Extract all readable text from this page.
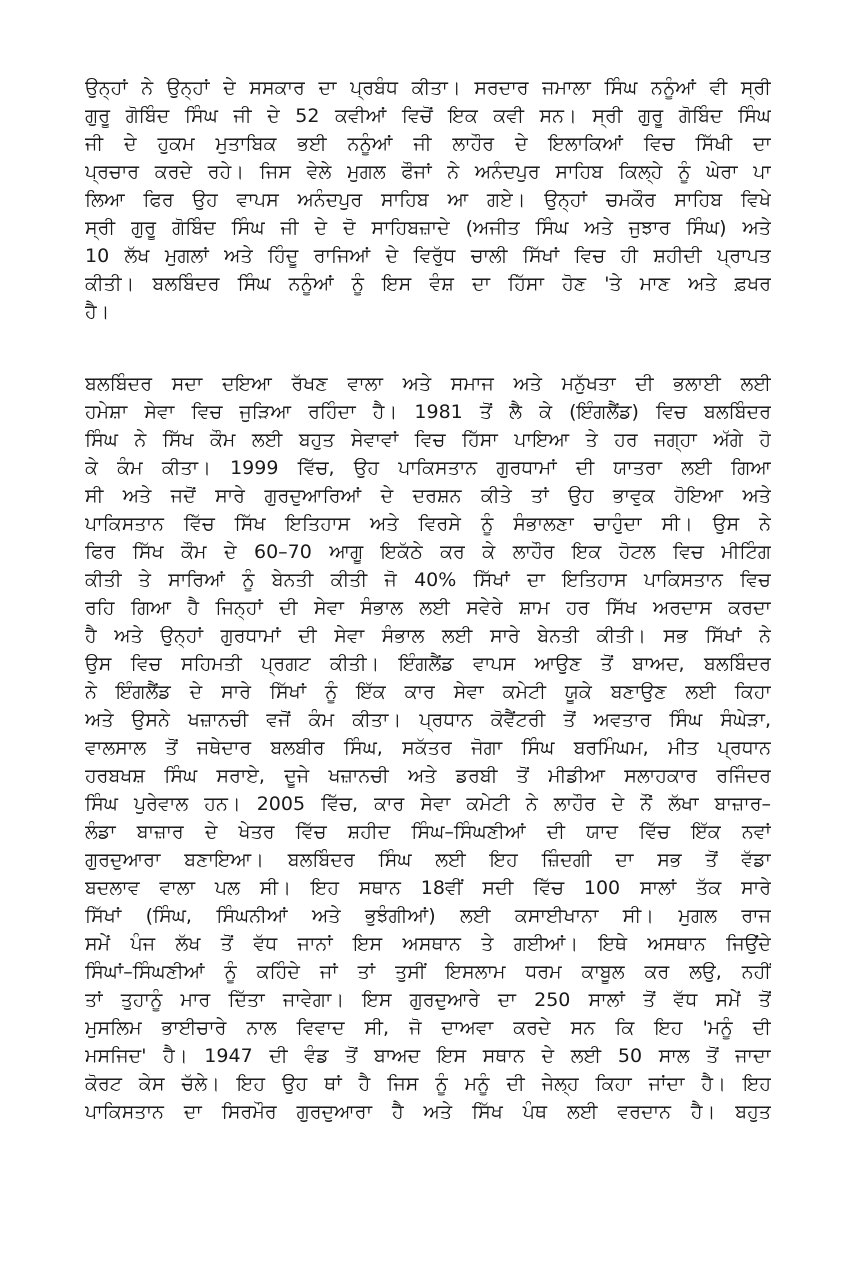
ਉਨ੍ਹਾਂ ਨੇ ਉਨ੍ਹਾਂ ਦੇ ਸਸਕਾਰ ਦਾ ਪ੍ਰਬੰਧ ਕੀਤਾ। ਸਰਦਾਰ ਜਮਾਲਾ ਸਿੰਘ ਨਨੂੰਆਂ ਵੀ ਸ੍ਰੀ
ਗੁਰੂ ਗੋਬਿੰਦ ਸਿੰਘ ਜੀ ਦੇ 52 ਕਵੀਆਂ ਵਿਚੋਂ ਇਕ ਕਵੀ ਸਨ। ਸ੍ਰੀ ਗੁਰੂ ਗੋਬਿੰਦ ਸਿੰਘ
ਜੀ ਦੇ ਹੁਕਮ ਮੁਤਾਬਿਕ ਭਈ ਨਨੂੰਆਂ ਜੀ ਲਾਹੌਰ ਦੇ ਇਲਾਕਿਆਂ ਵਿਚ ਸਿੱਖੀ ਦਾ
ਪ੍ਰਚਾਰ ਕਰਦੇ ਰਹੇ। ਜਿਸ ਵੇਲੇ ਮੁਗਲ ਫੌਜਾਂ ਨੇ ਅਨੰਦਪੁਰ ਸਾਹਿਬ ਕਿਲ੍ਹੇ ਨੂੰ ਘੇਰਾ ਪਾ
ਲਿਆ ਫਿਰ ਉਹ ਵਾਪਸ ਅਨੰਦਪੁਰ ਸਾਹਿਬ ਆ ਗਏ। ਉਨ੍ਹਾਂ ਚਮਕੌਰ ਸਾਹਿਬ ਵਿਖੇ
ਸ੍ਰੀ ਗੁਰੂ ਗੋਬਿੰਦ ਸਿੰਘ ਜੀ ਦੇ ਦੋ ਸਾਹਿਬਜ਼ਾਦੇ (ਅਜੀਤ ਸਿੰਘ ਅਤੇ ਜੁਝਾਰ ਸਿੰਘ) ਅਤੇ
10 ਲੱਖ ਮੁਗਲਾਂ ਅਤੇ ਹਿੰਦੂ ਰਾਜਿਆਂ ਦੇ ਵਿਰੁੱਧ ਚਾਲੀ ਸਿੱਖਾਂ ਵਿਚ ਹੀ ਸ਼ਹੀਦੀ ਪ੍ਰਾਪਤ
ਕੀਤੀ। ਬਲਬਿੰਦਰ ਸਿੰਘ ਨਨੂੰਆਂ ਨੂੰ ਇਸ ਵੰਸ਼ ਦਾ ਹਿੱਸਾ ਹੋਣ 'ਤੇ ਮਾਣ ਅਤੇ ਫ਼ਖਰ
ਹੈ।
ਬਲਬਿੰਦਰ ਸਦਾ ਦਇਆ ਰੱਖਣ ਵਾਲਾ ਅਤੇ ਸਮਾਜ ਅਤੇ ਮਨੁੱਖਤਾ ਦੀ ਭਲਾਈ ਲਈ
ਹਮੇਸ਼ਾ ਸੇਵਾ ਵਿਚ ਜੁੜਿਆ ਰਹਿੰਦਾ ਹੈ। 1981 ਤੋਂ ਲੈ ਕੇ (ਇੰਗਲੈਂਡ) ਵਿਚ ਬਲਬਿੰਦਰ
ਸਿੰਘ ਨੇ ਸਿੱਖ ਕੌਮ ਲਈ ਬਹੁਤ ਸੇਵਾਵਾਂ ਵਿਚ ਹਿੱਸਾ ਪਾਇਆ ਤੇ ਹਰ ਜਗ੍ਹਾ ਅੱਗੇ ਹੋ
ਕੇ ਕੰਮ ਕੀਤਾ। 1999 ਵਿੱਚ, ਉਹ ਪਾਕਿਸਤਾਨ ਗੁਰਧਾਮਾਂ ਦੀ ਯਾਤਰਾ ਲਈ ਗਿਆ
ਸੀ ਅਤੇ ਜਦੋਂ ਸਾਰੇ ਗੁਰਦੁਆਰਿਆਂ ਦੇ ਦਰਸ਼ਨ ਕੀਤੇ ਤਾਂ ਉਹ ਭਾਵੁਕ ਹੋਇਆ ਅਤੇ
ਪਾਕਿਸਤਾਨ ਵਿੱਚ ਸਿੱਖ ਇਤਿਹਾਸ ਅਤੇ ਵਿਰਸੇ ਨੂੰ ਸੰਭਾਲਣਾ ਚਾਹੁੰਦਾ ਸੀ। ਉਸ ਨੇ
ਫਿਰ ਸਿੱਖ ਕੌਮ ਦੇ 60–70 ਆਗੂ ਇਕੱਠੇ ਕਰ ਕੇ ਲਾਹੌਰ ਇਕ ਹੋਟਲ ਵਿਚ ਮੀਟਿੰਗ
ਕੀਤੀ ਤੇ ਸਾਰਿਆਂ ਨੂੰ ਬੇਨਤੀ ਕੀਤੀ ਜੋ 40% ਸਿੱਖਾਂ ਦਾ ਇਤਿਹਾਸ ਪਾਕਿਸਤਾਨ ਵਿਚ
ਰਹਿ ਗਿਆ ਹੈ ਜਿਨ੍ਹਾਂ ਦੀ ਸੇਵਾ ਸੰਭਾਲ ਲਈ ਸਵੇਰੇ ਸ਼ਾਮ ਹਰ ਸਿੱਖ ਅਰਦਾਸ ਕਰਦਾ
ਹੈ ਅਤੇ ਉਨ੍ਹਾਂ ਗੁਰਧਾਮਾਂ ਦੀ ਸੇਵਾ ਸੰਭਾਲ ਲਈ ਸਾਰੇ ਬੇਨਤੀ ਕੀਤੀ। ਸਭ ਸਿੱਖਾਂ ਨੇ
ਉਸ ਵਿਚ ਸਹਿਮਤੀ ਪ੍ਰਗਟ ਕੀਤੀ। ਇੰਗਲੈਂਡ ਵਾਪਸ ਆਉਣ ਤੋਂ ਬਾਅਦ, ਬਲਬਿੰਦਰ
ਨੇ ਇੰਗਲੈਂਡ ਦੇ ਸਾਰੇ ਸਿੱਖਾਂ ਨੂੰ ਇੱਕ ਕਾਰ ਸੇਵਾ ਕਮੇਟੀ ਯੂਕੇ ਬਣਾਉਣ ਲਈ ਕਿਹਾ
ਅਤੇ ਉਸਨੇ ਖਜ਼ਾਨਚੀ ਵਜੋਂ ਕੰਮ ਕੀਤਾ। ਪ੍ਰਧਾਨ ਕੋਵੈਂਟਰੀ ਤੋਂ ਅਵਤਾਰ ਸਿੰਘ ਸੰਘੇੜਾ,
ਵਾਲਸਾਲ ਤੋਂ ਜਥੇਦਾਰ ਬਲਬੀਰ ਸਿੰਘ, ਸਕੱਤਰ ਜੋਗਾ ਸਿੰਘ ਬਰਮਿੰਘਮ, ਮੀਤ ਪ੍ਰਧਾਨ
ਹਰਬਖਸ਼ ਸਿੰਘ ਸਰਾਏ, ਦੂਜੇ ਖਜ਼ਾਨਚੀ ਅਤੇ ਡਰਬੀ ਤੋਂ ਮੀਡੀਆ ਸਲਾਹਕਾਰ ਰਜਿੰਦਰ
ਸਿੰਘ ਪੁਰੇਵਾਲ ਹਨ। 2005 ਵਿੱਚ, ਕਾਰ ਸੇਵਾ ਕਮੇਟੀ ਨੇ ਲਾਹੌਰ ਦੇ ਨੌਂ ਲੱਖਾ ਬਾਜ਼ਾਰ–
ਲੰਡਾ ਬਾਜ਼ਾਰ ਦੇ ਖੇਤਰ ਵਿੱਚ ਸ਼ਹੀਦ ਸਿੰਘ–ਸਿੰਘਣੀਆਂ ਦੀ ਯਾਦ ਵਿੱਚ ਇੱਕ ਨਵਾਂ
ਗੁਰਦੁਆਰਾ ਬਣਾਇਆ। ਬਲਬਿੰਦਰ ਸਿੰਘ ਲਈ ਇਹ ਜ਼ਿੰਦਗੀ ਦਾ ਸਭ ਤੋਂ ਵੱਡਾ
ਬਦਲਾਵ ਵਾਲਾ ਪਲ ਸੀ। ਇਹ ਸਥਾਨ 18ਵੀਂ ਸਦੀ ਵਿੱਚ 100 ਸਾਲਾਂ ਤੱਕ ਸਾਰੇ
ਸਿੱਖਾਂ (ਸਿੰਘ, ਸਿੰਘਨੀਆਂ ਅਤੇ ਭੁਝੰਗੀਆਂ) ਲਈ ਕਸਾਈਖਾਨਾ ਸੀ। ਮੁਗਲ ਰਾਜ
ਸਮੇਂ ਪੰਜ ਲੱਖ ਤੋਂ ਵੱਧ ਜਾਨਾਂ ਇਸ ਅਸਥਾਨ ਤੇ ਗਈਆਂ। ਇਥੇ ਅਸਥਾਨ ਜਿਉਂਦੇ
ਸਿੰਘਾਂ–ਸਿੰਘਣੀਆਂ ਨੂੰ ਕਹਿੰਦੇ ਜਾਂ ਤਾਂ ਤੁਸੀਂ ਇਸਲਾਮ ਧਰਮ ਕਾਬੂਲ ਕਰ ਲਉ, ਨਹੀਂ
ਤਾਂ ਤੁਹਾਨੂੰ ਮਾਰ ਦਿੱਤਾ ਜਾਵੇਗਾ। ਇਸ ਗੁਰਦੁਆਰੇ ਦਾ 250 ਸਾਲਾਂ ਤੋਂ ਵੱਧ ਸਮੇਂ ਤੋਂ
ਮੁਸਲਿਮ ਭਾਈਚਾਰੇ ਨਾਲ ਵਿਵਾਦ ਸੀ, ਜੋ ਦਾਅਵਾ ਕਰਦੇ ਸਨ ਕਿ ਇਹ 'ਮਨੂੰ ਦੀ
ਮਸਜਿਦ' ਹੈ। 1947 ਦੀ ਵੰਡ ਤੋਂ ਬਾਅਦ ਇਸ ਸਥਾਨ ਦੇ ਲਈ 50 ਸਾਲ ਤੋਂ ਜਾਦਾ
ਕੋਰਟ ਕੇਸ ਚੱਲੇ। ਇਹ ਉਹ ਥਾਂ ਹੈ ਜਿਸ ਨੂੰ ਮਨੂੰ ਦੀ ਜੇਲ੍ਹ ਕਿਹਾ ਜਾਂਦਾ ਹੈ। ਇਹ
ਪਾਕਿਸਤਾਨ ਦਾ ਸਿਰਮੌਰ ਗੁਰਦੁਆਰਾ ਹੈ ਅਤੇ ਸਿੱਖ ਪੰਥ ਲਈ ਵਰਦਾਨ ਹੈ। ਬਹੁਤ
